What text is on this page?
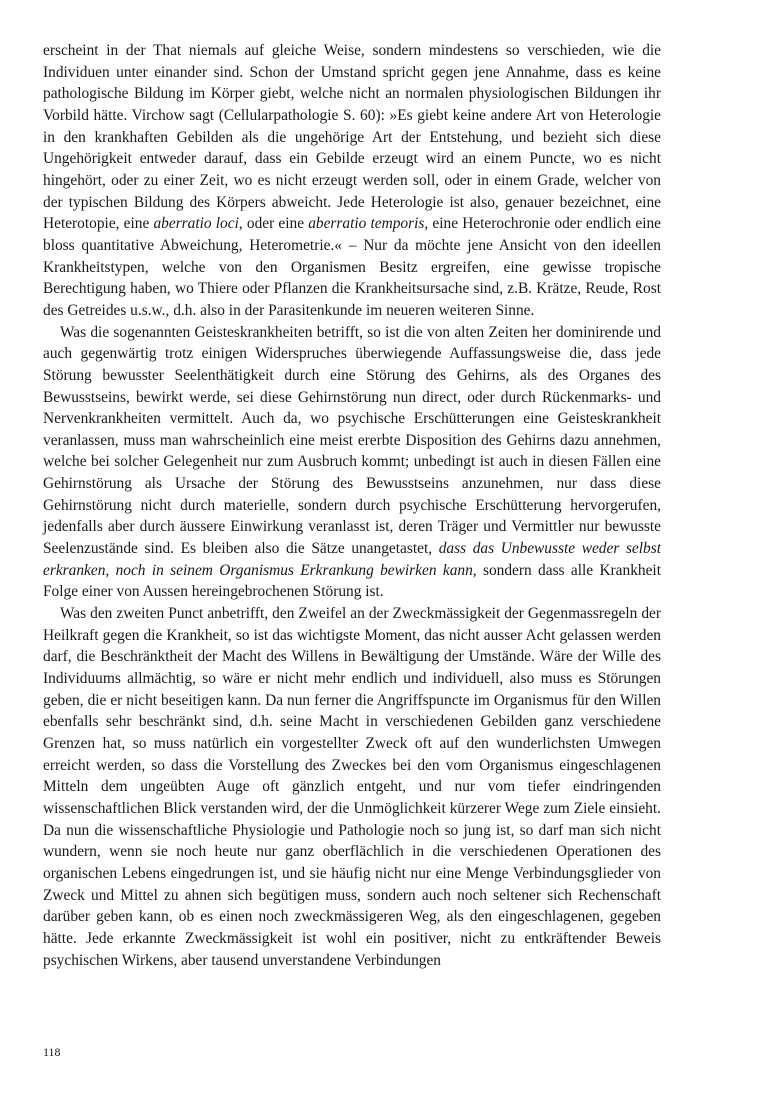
erscheint in der That niemals auf gleiche Weise, sondern mindestens so verschieden, wie die Individuen unter einander sind. Schon der Umstand spricht gegen jene Annahme, dass es keine pathologische Bildung im Körper giebt, welche nicht an normalen physiologischen Bildungen ihr Vorbild hätte. Virchow sagt (Cellularpathologie S. 60): »Es giebt keine andere Art von Heterologie in den krankhaften Gebilden als die ungehörige Art der Entstehung, und bezieht sich diese Ungehörigkeit entweder darauf, dass ein Gebilde erzeugt wird an einem Puncte, wo es nicht hingehört, oder zu einer Zeit, wo es nicht erzeugt werden soll, oder in einem Grade, welcher von der typischen Bildung des Körpers abweicht. Jede Heterologie ist also, genauer bezeichnet, eine Heterotopie, eine aberratio loci, oder eine aberratio temporis, eine Heterochronie oder endlich eine bloss quantitative Abweichung, Heterometrie.« – Nur da möchte jene Ansicht von den ideellen Krankheitstypen, welche von den Organismen Besitz ergreifen, eine gewisse tropische Berechtigung haben, wo Thiere oder Pflanzen die Krankheitsursache sind, z.B. Krätze, Reude, Rost des Getreides u.s.w., d.h. also in der Parasitenkunde im neueren weiteren Sinne.

Was die sogenannten Geisteskrankheiten betrifft, so ist die von alten Zeiten her dominirende und auch gegenwärtig trotz einigen Widerspruches überwiegende Auffassungsweise die, dass jede Störung bewusster Seelenthätigkeit durch eine Störung des Gehirns, als des Organes des Bewusstseins, bewirkt werde, sei diese Gehirnstörung nun direct, oder durch Rückenmarks- und Nervenkrankheiten vermittelt. Auch da, wo psychische Erschütterungen eine Geisteskrankheit veranlassen, muss man wahrscheinlich eine meist ererbte Disposition des Gehirns dazu annehmen, welche bei solcher Gelegenheit nur zum Ausbruch kommt; unbedingt ist auch in diesen Fällen eine Gehirnstörung als Ursache der Störung des Bewusstseins anzunehmen, nur dass diese Gehirnstörung nicht durch materielle, sondern durch psychische Erschütterung hervorgerufen, jedenfalls aber durch äussere Einwirkung veranlasst ist, deren Träger und Vermittler nur bewusste Seelenzustände sind. Es bleiben also die Sätze unangetastet, dass das Unbewusste weder selbst erkranken, noch in seinem Organismus Erkrankung bewirken kann, sondern dass alle Krankheit Folge einer von Aussen hereingebrochenen Störung ist.

Was den zweiten Punct anbetrifft, den Zweifel an der Zweckmässigkeit der Gegenmassregeln der Heilkraft gegen die Krankheit, so ist das wichtigste Moment, das nicht ausser Acht gelassen werden darf, die Beschränktheit der Macht des Willens in Bewältigung der Umstände. Wäre der Wille des Individuums allmächtig, so wäre er nicht mehr endlich und individuell, also muss es Störungen geben, die er nicht beseitigen kann. Da nun ferner die Angriffspuncte im Organismus für den Willen ebenfalls sehr beschränkt sind, d.h. seine Macht in verschiedenen Gebilden ganz verschiedene Grenzen hat, so muss natürlich ein vorgestellter Zweck oft auf den wunderlichsten Umwegen erreicht werden, so dass die Vorstellung des Zweckes bei den vom Organismus eingeschlagenen Mitteln dem ungeübten Auge oft gänzlich entgeht, und nur vom tiefer eindringenden wissenschaftlichen Blick verstanden wird, der die Unmöglichkeit kürzerer Wege zum Ziele einsieht. Da nun die wissenschaftliche Physiologie und Pathologie noch so jung ist, so darf man sich nicht wundern, wenn sie noch heute nur ganz oberflächlich in die verschiedenen Operationen des organischen Lebens eingedrungen ist, und sie häufig nicht nur eine Menge Verbindungsglieder von Zweck und Mittel zu ahnen sich begütigen muss, sondern auch noch seltener sich Rechenschaft darüber geben kann, ob es einen noch zweckmässigeren Weg, als den eingeschlagenen, gegeben hätte. Jede erkannte Zweckmässigkeit ist wohl ein positiver, nicht zu entkräftender Beweis psychischen Wirkens, aber tausend unverstandene Verbindungen

118
